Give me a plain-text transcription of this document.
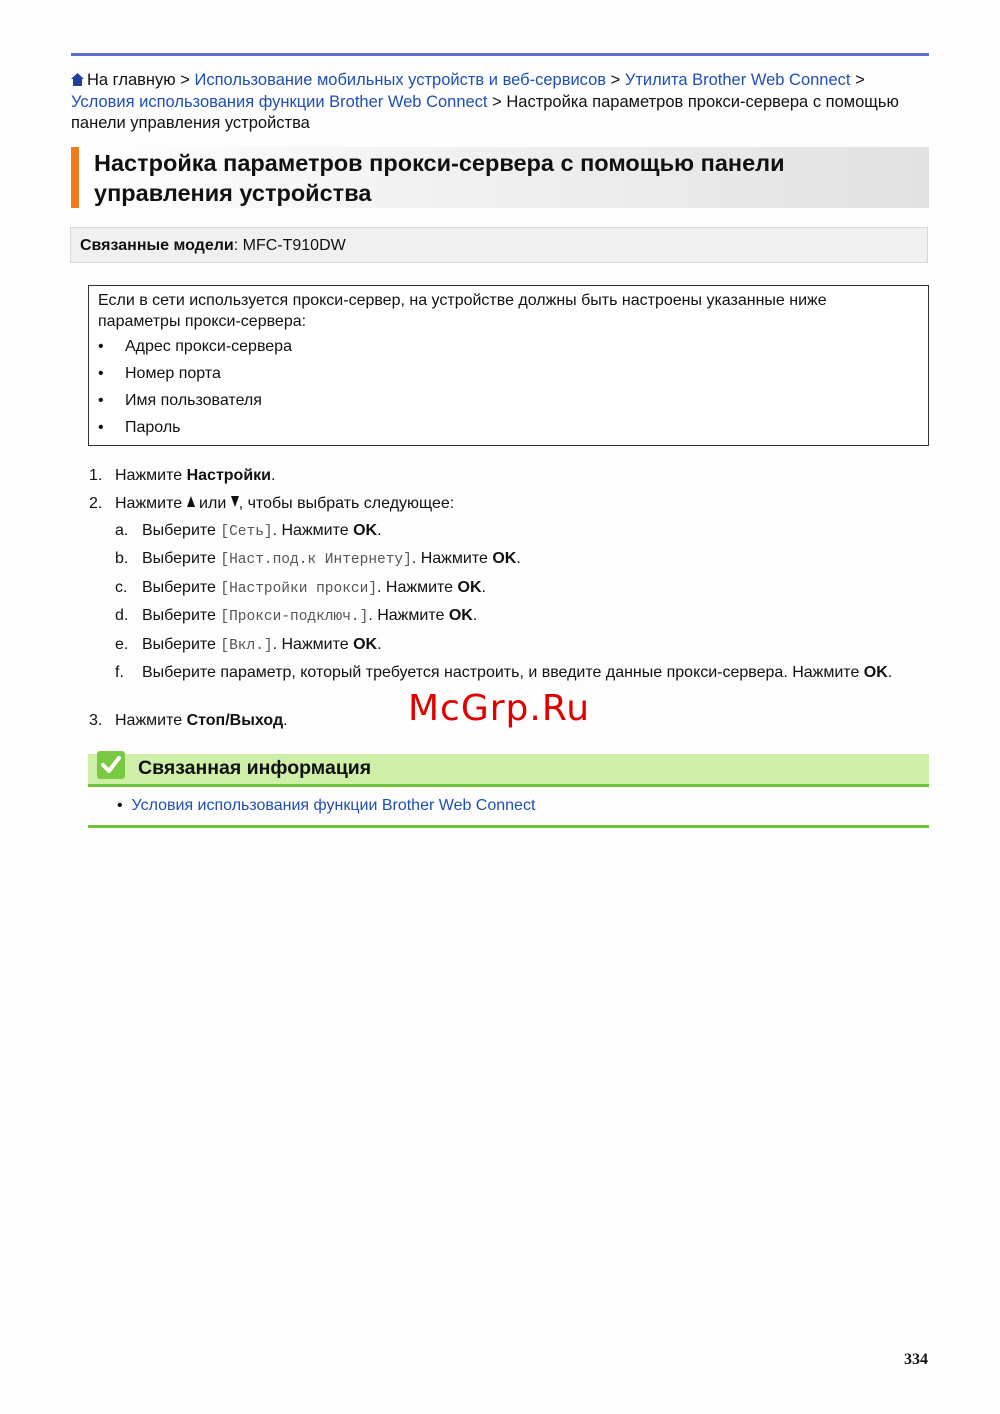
На главную > Использование мобильных устройств и веб-сервисов > Утилита Brother Web Connect > Условия использования функции Brother Web Connect > Настройка параметров прокси-сервера с помощью панели управления устройства
Настройка параметров прокси-сервера с помощью панели управления устройства
Связанные модели: MFC-T910DW
Если в сети используется прокси-сервер, на устройстве должны быть настроены указанные ниже параметры прокси-сервера:
• Адрес прокси-сервера
• Номер порта
• Имя пользователя
• Пароль
1. Нажмите Настройки.
2. Нажмите  или , чтобы выбрать следующее:
a. Выберите [Сеть]. Нажмите OK.
b. Выберите [Наст.под.к Интернету]. Нажмите OK.
c. Выберите [Настройки прокси]. Нажмите OK.
d. Выберите [Прокси-подключ.]. Нажмите OK.
e. Выберите [Вкл.]. Нажмите OK.
f. Выберите параметр, который требуется настроить, и введите данные прокси-сервера. Нажмите OK.
3. Нажмите Стоп/Выход.	McGrp.Ru
Связанная информация
•  Условия использования функции Brother Web Connect
334
